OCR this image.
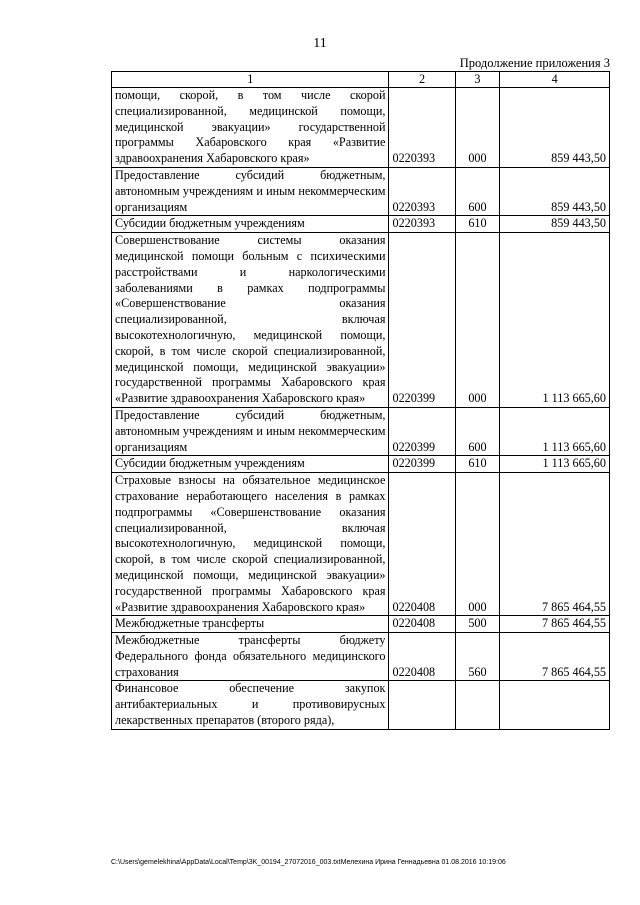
11
Продолжение приложения 3
1	2	3	4
помощи, скорой, в том числе скорой специализированной, медицинской помощи, медицинской эвакуации» государственной программы Хабаровского края «Развитие здравоохранения Хабаровского края»	0220393	000	859 443,50
Предоставление субсидий бюджетным, автономным учреждениям и иным некоммерческим организациям	0220393	600	859 443,50
Субсидии бюджетным учреждениям	0220393	610	859 443,50
Совершенствование системы оказания медицинской помощи больным с психическими расстройствами и наркологическими заболеваниями в рамках подпрограммы «Совершенствование оказания специализированной, включая высокотехнологичную, медицинской помощи, скорой, в том числе скорой специализированной, медицинской помощи, медицинской эвакуации» государственной программы Хабаровского края «Развитие здравоохранения Хабаровского края»	0220399	000	1 113 665,60
Предоставление субсидий бюджетным, автономным учреждениям и иным некоммерческим организациям	0220399	600	1 113 665,60
Субсидии бюджетным учреждениям	0220399	610	1 113 665,60
Страховые взносы на обязательное медицинское страхование неработающего населения в рамках подпрограммы «Совершенствование оказания специализированной, включая высокотехнологичную, медицинской помощи, скорой, в том числе скорой специализированной, медицинской помощи, медицинской эвакуации» государственной программы Хабаровского края «Развитие здравоохранения Хабаровского края»	0220408	000	7 865 464,55
Межбюджетные трансферты	0220408	500	7 865 464,55
Межбюджетные трансферты бюджету Федерального фонда обязательного медицинского страхования	0220408	560	7 865 464,55
Финансовое обеспечение закупок антибактериальных и противовирусных лекарственных препаратов (второго ряда),			
C:\Users\gemelekhina\AppData\Local\Temp\3K_00194_27072016_003.txtМелехина Ирина Геннадьевна 01.08.2016 10:19:06
